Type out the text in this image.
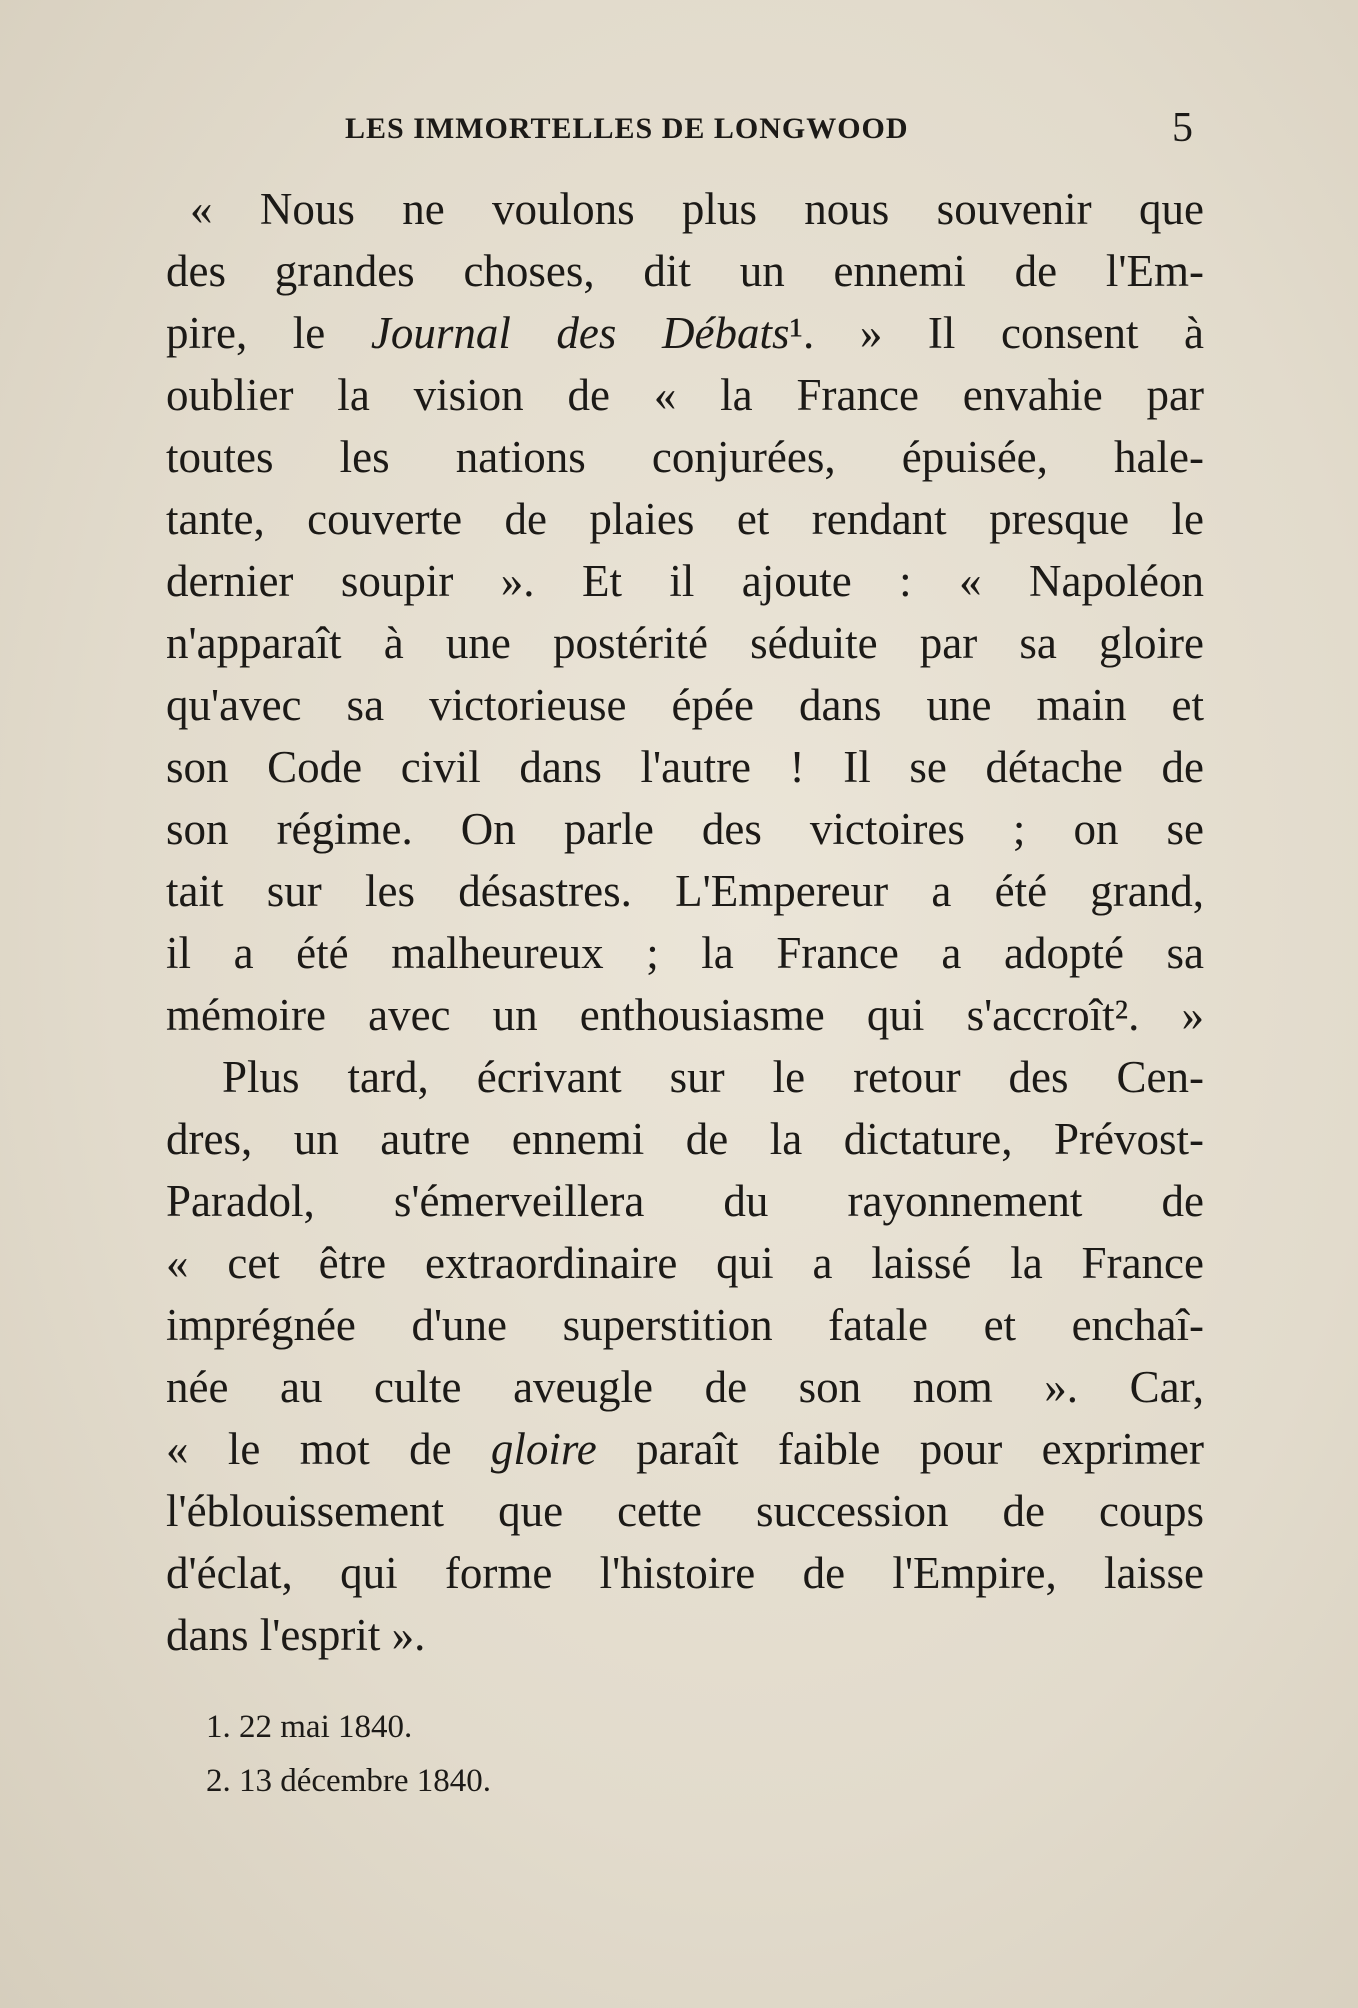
LES IMMORTELLES DE LONGWOOD	5
« Nous ne voulons plus nous souvenir que
des grandes choses, dit un ennemi de l'Em-
pire, le Journal des Débats¹. » Il consent à
oublier la vision de « la France envahie par
toutes les nations conjurées, épuisée, hale-
tante, couverte de plaies et rendant presque le
dernier soupir ». Et il ajoute : « Napoléon
n'apparaît à une postérité séduite par sa gloire
qu'avec sa victorieuse épée dans une main et
son Code civil dans l'autre ! Il se détache de
son régime. On parle des victoires ; on se
tait sur les désastres. L'Empereur a été grand,
il a été malheureux ; la France a adopté sa
mémoire avec un enthousiasme qui s'accroît². »
Plus tard, écrivant sur le retour des Cen-
dres, un autre ennemi de la dictature, Prévost-
Paradol, s'émerveillera du rayonnement de
« cet être extraordinaire qui a laissé la France
imprégnée d'une superstition fatale et enchaî-
née au culte aveugle de son nom ». Car,
« le mot de gloire paraît faible pour exprimer
l'éblouissement que cette succession de coups
d'éclat, qui forme l'histoire de l'Empire, laisse
dans l'esprit ».
1. 22 mai 1840.
2. 13 décembre 1840.
